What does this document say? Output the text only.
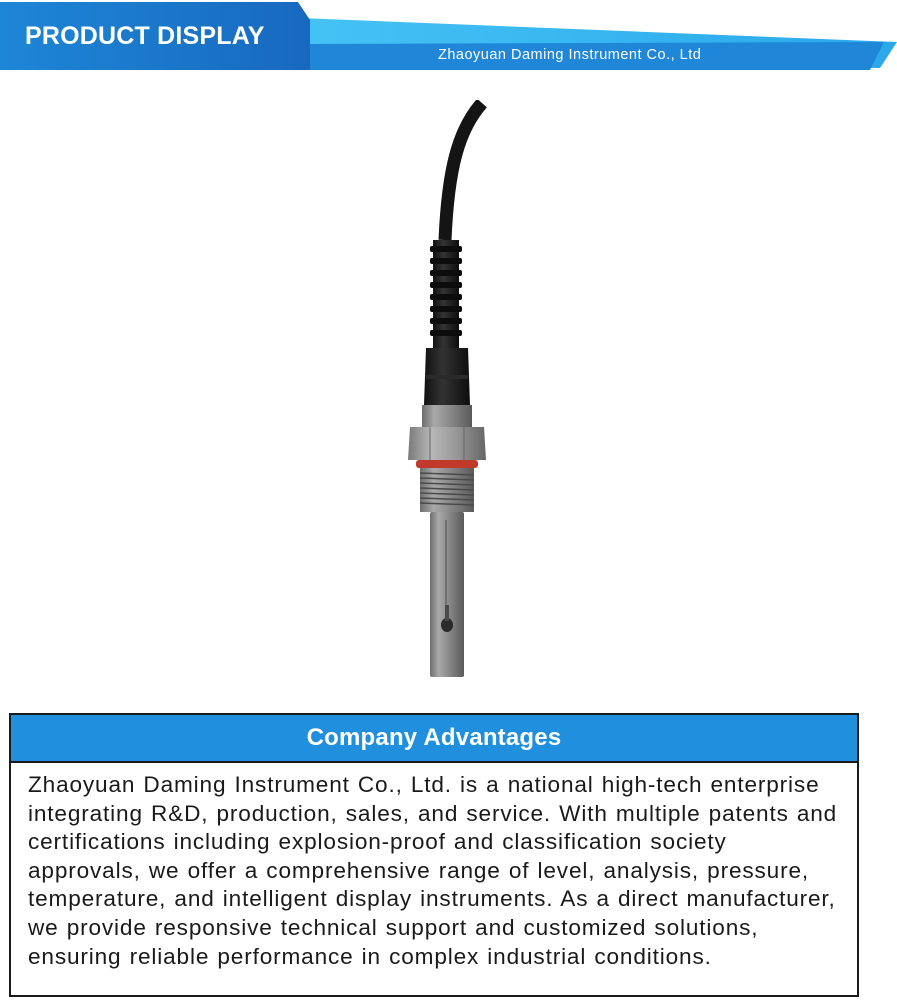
PRODUCT DISPLAY
Zhaoyuan Daming Instrument Co., Ltd
Company Advantages
Zhaoyuan Daming Instrument Co., Ltd. is a national high-tech enterprise integrating R&D, production, sales, and service. With multiple patents and certifications including explosion-proof and classification society approvals, we offer a comprehensive range of level, analysis, pressure, temperature, and intelligent display instruments. As a direct manufacturer, we provide responsive technical support and customized solutions, ensuring reliable performance in complex industrial conditions.
